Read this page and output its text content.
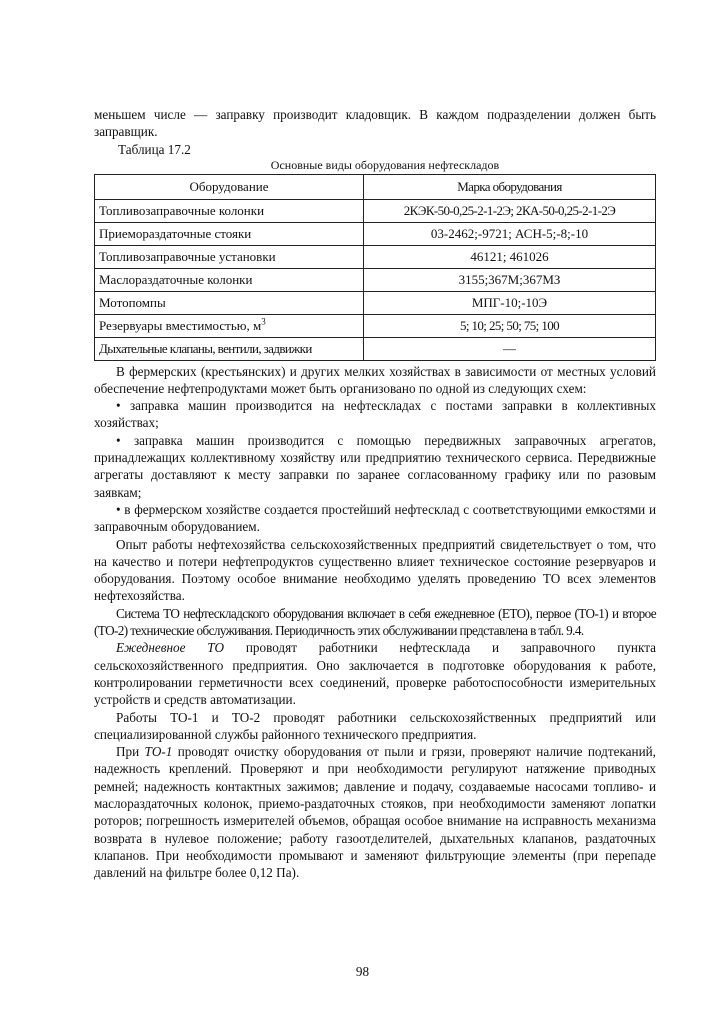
меньшем числе — заправку производит кладовщик. В каждом подразделении должен быть заправщик.

Таблица 17.2
Основные виды оборудования нефтескладов
Оборудование	Марка оборудования
Топливозаправочные колонки	2КЭК-50-0,25-2-1-2Э; 2КА-50-0,25-2-1-2Э
Приемораздаточные стояки	03-2462;-9721; АСН-5;-8;-10
Топливозаправочные установки	46121; 461026
Маслораздаточные колонки	3155;367М;367МЗ
Мотопомпы	МПГ-10;-10Э
Резервуары вместимостью, $м^3$	5; 10; 25; 50; 75; 100
Дыхательные клапаны, вентили, задвижки	—

В фермерских (крестьянских) и других мелких хозяйствах в зависимости от местных условий обеспечение нефтепродуктами может быть организовано по одной из следующих схем:

• заправка машин производится на нефтескладах с постами заправки в коллективных хозяйствах;

• заправка машин производится с помощью передвижных заправочных агрегатов, принадлежащих коллективному хозяйству или предприятию технического сервиса. Передвижные агрегаты доставляют к месту заправки по заранее согласованному графику или по разовым заявкам;

• в фермерском хозяйстве создается простейший нефтесклад с соответствующими емкостями и заправочным оборудованием.

Опыт работы нефтехозяйства сельскохозяйственных предприятий свидетельствует о том, что на качество и потери нефтепродуктов существенно влияет техническое состояние резервуаров и оборудования. Поэтому особое внимание необходимо уделять проведению ТО всех элементов нефтехозяйства.

Система ТО нефтескладского оборудования включает в себя ежедневное (ЕТО), первое (ТО-1) и второе (ТО-2) технические обслуживания. Периодичность этих обслуживании представлена в табл. 9.4.

Ежедневное ТО проводят работники нефтесклада и заправочного пункта сельскохозяйственного предприятия. Оно заключается в подготовке оборудования к работе, контролировании герметичности всех соединений, проверке работоспособности измерительных устройств и средств автоматизации.

Работы ТО-1 и ТО-2 проводят работники сельскохозяйственных предприятий или специализированной службы районного технического предприятия.

При ТО-1 проводят очистку оборудования от пыли и грязи, проверяют наличие подтеканий, надежность креплений. Проверяют и при необходимости регулируют натяжение приводных ремней; надежность контактных зажимов; давление и подачу, создаваемые насосами топливо- и маслораздаточных колонок, приемо-раздаточных стояков, при необходимости заменяют лопатки роторов; погрешность измерителей объемов, обращая особое внимание на исправность механизма возврата в нулевое положение; работу газоотделителей, дыхательных клапанов, раздаточных клапанов. При необходимости промывают и заменяют фильтрующие элементы (при перепаде давлений на фильтре более 0,12 Па).

98
